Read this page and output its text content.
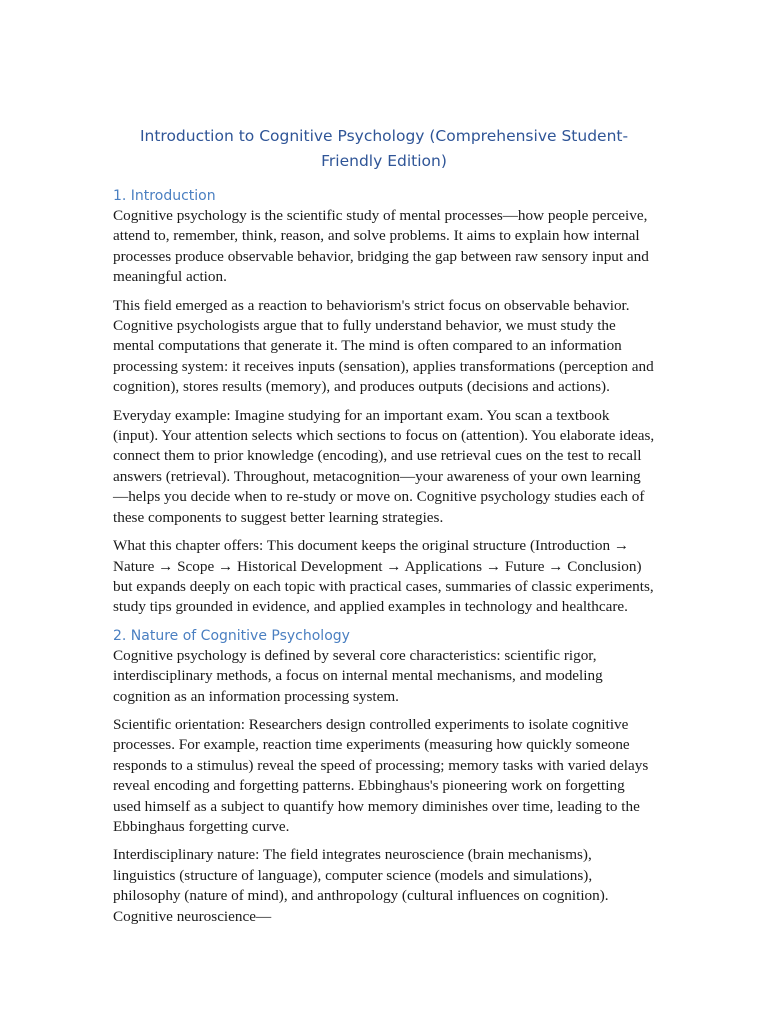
Introduction to Cognitive Psychology (Comprehensive Student-Friendly Edition)
1. Introduction

Cognitive psychology is the scientific study of mental processes—how people perceive, attend to, remember, think, reason, and solve problems. It aims to explain how internal processes produce observable behavior, bridging the gap between raw sensory input and meaningful action.

This field emerged as a reaction to behaviorism's strict focus on observable behavior. Cognitive psychologists argue that to fully understand behavior, we must study the mental computations that generate it. The mind is often compared to an information processing system: it receives inputs (sensation), applies transformations (perception and cognition), stores results (memory), and produces outputs (decisions and actions).

Everyday example: Imagine studying for an important exam. You scan a textbook (input). Your attention selects which sections to focus on (attention). You elaborate ideas, connect them to prior knowledge (encoding), and use retrieval cues on the test to recall answers (retrieval). Throughout, metacognition—your awareness of your own learning—helps you decide when to re-study or move on. Cognitive psychology studies each of these components to suggest better learning strategies.

What this chapter offers: This document keeps the original structure (Introduction → Nature → Scope → Historical Development → Applications → Future → Conclusion) but expands deeply on each topic with practical cases, summaries of classic experiments, study tips grounded in evidence, and applied examples in technology and healthcare.

2. Nature of Cognitive Psychology

Cognitive psychology is defined by several core characteristics: scientific rigor, interdisciplinary methods, a focus on internal mental mechanisms, and modeling cognition as an information processing system.

Scientific orientation: Researchers design controlled experiments to isolate cognitive processes. For example, reaction time experiments (measuring how quickly someone responds to a stimulus) reveal the speed of processing; memory tasks with varied delays reveal encoding and forgetting patterns. Ebbinghaus's pioneering work on forgetting used himself as a subject to quantify how memory diminishes over time, leading to the Ebbinghaus forgetting curve.

Interdisciplinary nature: The field integrates neuroscience (brain mechanisms), linguistics (structure of language), computer science (models and simulations), philosophy (nature of mind), and anthropology (cultural influences on cognition). Cognitive neuroscience—
